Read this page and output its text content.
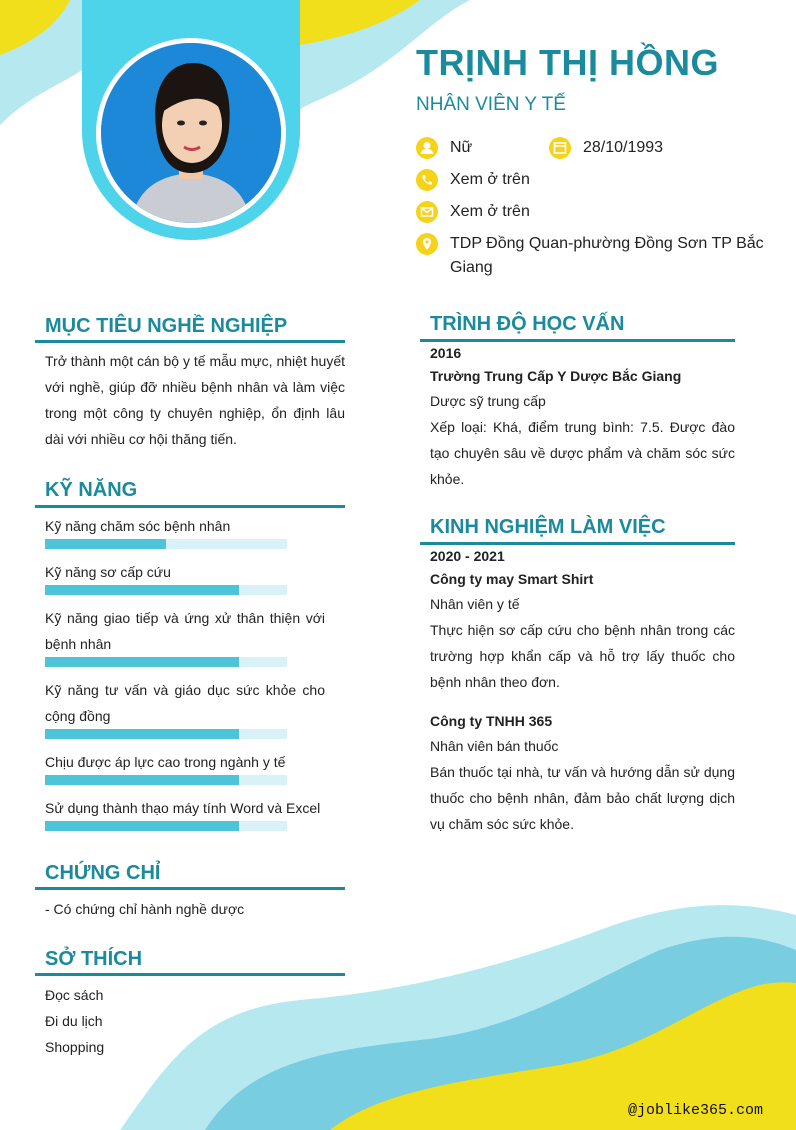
TRỊNH THỊ HỒNG
NHÂN VIÊN Y TẾ
Nữ	28/10/1993
Xem ở trên
Xem ở trên
TDP Đồng Quan-phường Đồng Sơn TP Bắc Giang
MỤC TIÊU NGHỀ NGHIỆP
Trở thành một cán bộ y tế mẫu mực, nhiệt huyết với nghề, giúp đỡ nhiều bệnh nhân và làm việc trong một công ty chuyên nghiệp, ổn định lâu dài với nhiều cơ hội thăng tiến.
KỸ NĂNG
Kỹ năng chăm sóc bệnh nhân
Kỹ năng sơ cấp cứu
Kỹ năng giao tiếp và ứng xử thân thiện với bệnh nhân
Kỹ năng tư vấn và giáo dục sức khỏe cho cộng đồng
Chịu được áp lực cao trong ngành y tế
Sử dụng thành thạo máy tính Word và Excel
CHỨNG CHỈ
- Có chứng chỉ hành nghề dược
SỞ THÍCH
Đọc sách
Đi du lịch
Shopping
TRÌNH ĐỘ HỌC VẤN
2016
Trường Trung Cấp Y Dược Bắc Giang
Dược sỹ trung cấp
Xếp loại: Khá, điểm trung bình: 7.5. Được đào tạo chuyên sâu về dược phẩm và chăm sóc sức khỏe.
KINH NGHIỆM LÀM VIỆC
2020 - 2021
Công ty may Smart Shirt
Nhân viên y tế
Thực hiện sơ cấp cứu cho bệnh nhân trong các trường hợp khẩn cấp và hỗ trợ lấy thuốc cho bệnh nhân theo đơn.
Công ty TNHH 365
Nhân viên bán thuốc
Bán thuốc tại nhà, tư vấn và hướng dẫn sử dụng thuốc cho bệnh nhân, đảm bảo chất lượng dịch vụ chăm sóc sức khỏe.
@joblike365.com
